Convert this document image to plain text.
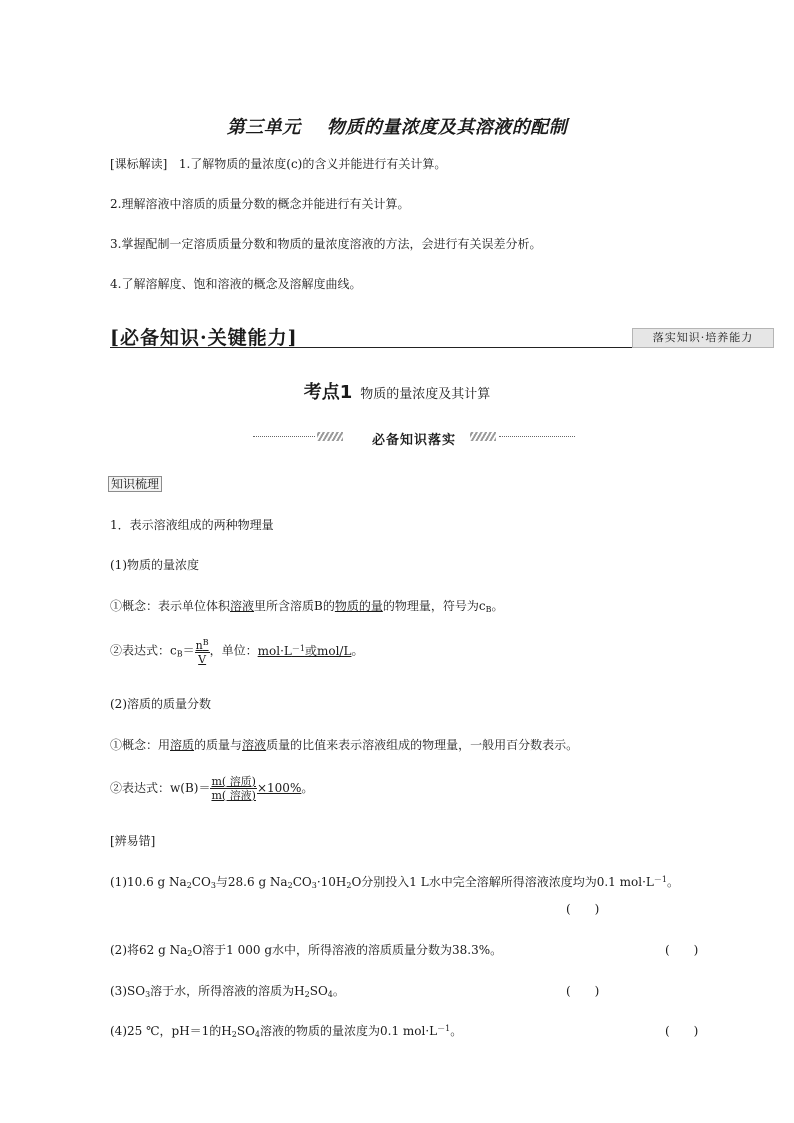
第三单元 物质的量浓度及其溶液的配制
[课标解读] 1.了解物质的量浓度(c)的含义并能进行有关计算。
2.理解溶液中溶质的质量分数的概念并能进行有关计算。
3.掌握配制一定溶质质量分数和物质的量浓度溶液的方法，会进行有关误差分析。
4.了解溶解度、饱和溶液的概念及溶解度曲线。
[必备知识·关键能力]	落实知识·培养能力
考点1 物质的量浓度及其计算
必备知识落实
知识梳理
1．表示溶液组成的两种物理量
(1)物质的量浓度
①概念：表示单位体积溶液里所含溶质B的物质的量的物理量，符号为$c_B$。
②表达式：$c_B= \frac{n^B}{V}$ ，单位：$mol\cdot L^{-1}$或mol/L。
(2)溶质的质量分数
①概念：用溶质的质量与溶液质量的比值来表示溶液组成的物理量，一般用百分数表示。
②表达式：$w(B)= \frac{\text{m( 溶质)}}{\text{m( 溶液)}} \times 100\%$。
[辨易错]
(1)10.6 g $Na_2CO_3$与28.6 g $Na_2CO_3\cdot 10H_2O$分别投入1 L水中完全溶解所得溶液浓度均为0.1 $mol\cdot L^{-1}$。
(　　)
(2)将62 g $Na_2O$溶于1 000 g水中，所得溶液的溶质质量分数为38.3%。	(　　)
$(3)SO_3$溶于水，所得溶液的溶质为$H_2SO_4$。	(　　)
(4)25 ℃，pH＝1的$H_2SO_4$溶液的物质的量浓度为0.1 $mol\cdot L^{-1}$。	(　　)
